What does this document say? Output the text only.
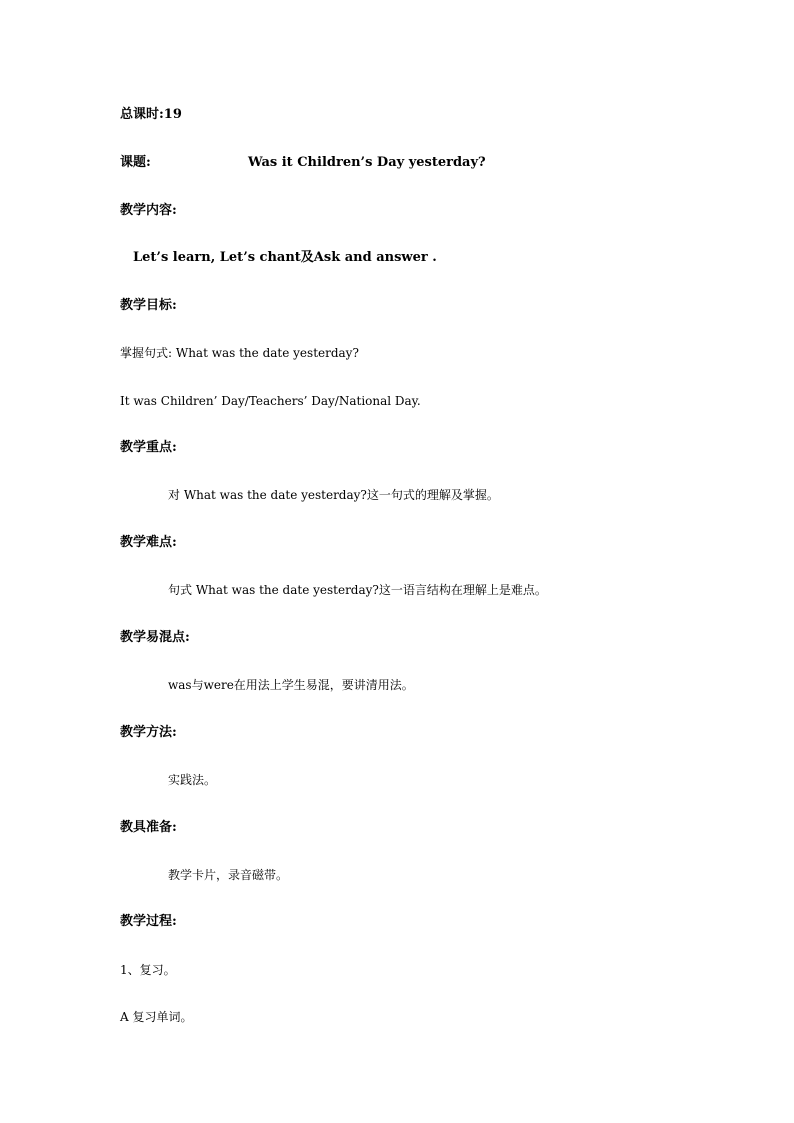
总课时:19
课题:	Was it Children’s Day yesterday?
教学内容:
Let’s learn, Let’s chant及Ask and answer .
教学目标:
掌握句式: What was the date yesterday?
It was Children’ Day/Teachers’ Day/National Day.
教学重点:
对 What was the date yesterday?这一句式的理解及掌握。
教学难点:
句式 What was the date yesterday?这一语言结构在理解上是难点。
教学易混点:
was与were在用法上学生易混，要讲清用法。
教学方法:
实践法。
教具准备:
教学卡片，录音磁带。
教学过程:
1、复习。
A 复习单词。
